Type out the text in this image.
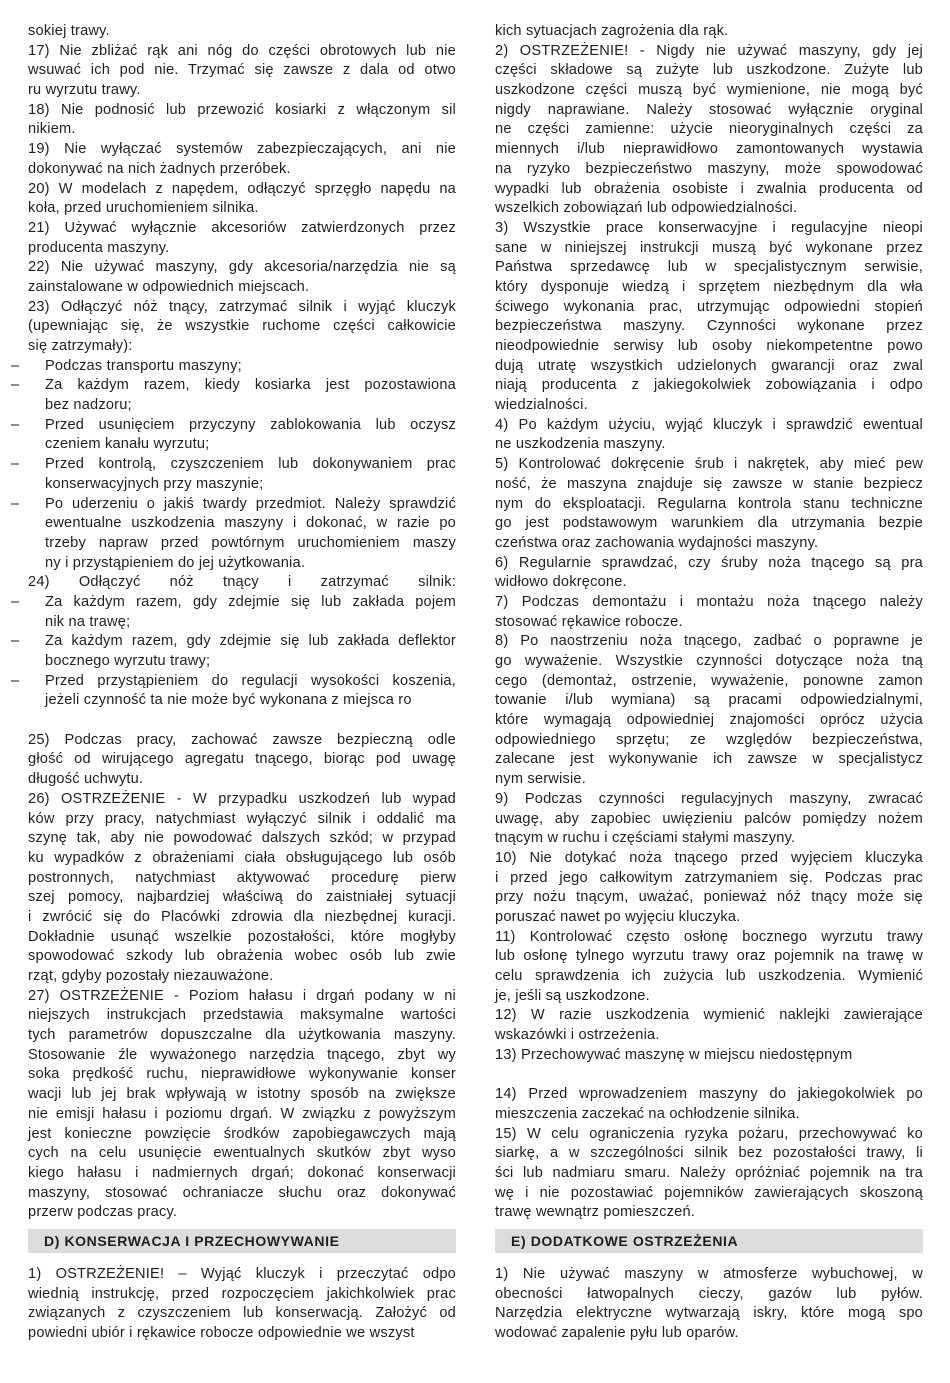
sokiej trawy.
17) Nie zbliżać rąk ani nóg do części obrotowych lub nie
wsuwać ich pod nie. Trzymać się zawsze z dala od otwo
ru wyrzutu trawy.
18) Nie podnosić lub przewozić kosiarki z włączonym sil
nikiem.
19) Nie wyłączać systemów zabezpieczających, ani nie
dokonywać na nich żadnych przeróbek.
20) W modelach z napędem, odłączyć sprzęgło napędu na
koła, przed uruchomieniem silnika.
21) Używać wyłącznie akcesoriów zatwierdzonych przez
producenta maszyny.
22) Nie używać maszyny, gdy akcesoria/narzędzia nie są
zainstalowane w odpowiednich miejscach.
23) Odłączyć nóż tnący, zatrzymać silnik i wyjąć kluczyk
(upewniając się, że wszystkie ruchome części całkowicie
się zatrzymały):
– Podczas transportu maszyny;
– Za każdym razem, kiedy kosiarka jest pozostawiona
bez nadzoru;
– Przed usunięciem przyczyny zablokowania lub oczysz
czeniem kanału wyrzutu;
– Przed kontrolą, czyszczeniem lub dokonywaniem prac
konserwacyjnych przy maszynie;
– Po uderzeniu o jakiś twardy przedmiot. Należy sprawdzić
ewentualne uszkodzenia maszyny i dokonać, w razie po
trzeby napraw przed powtórnym uruchomieniem maszy
ny i przystąpieniem do jej użytkowania.
24) Odłączyć nóż tnący i zatrzymać silnik:
– Za każdym razem, gdy zdejmie się lub zakłada pojem
nik na trawę;
– Za każdym razem, gdy zdejmie się lub zakłada deflektor
bocznego wyrzutu trawy;
– Przed przystąpieniem do regulacji wysokości koszenia,
jeżeli czynność ta nie może być wykonana z miejsca ro
25) Podczas pracy, zachować zawsze bezpieczną odle
głość od wirującego agregatu tnącego, biorąc pod uwagę
długość uchwytu.
26) OSTRZEŻENIE - W przypadku uszkodzeń lub wypad
ków przy pracy, natychmiast wyłączyć silnik i oddalić ma
szynę tak, aby nie powodować dalszych szkód; w przypad
ku wypadków z obrażeniami ciała obsługującego lub osób
postronnych, natychmiast aktywować procedurę pierw
szej pomocy, najbardziej właściwą do zaistniałej sytuacji
i zwrócić się do Placówki zdrowia dla niezbędnej kuracji.
Dokładnie usunąć wszelkie pozostałości, które mogłyby
spowodować szkody lub obrażenia wobec osób lub zwie
rząt, gdyby pozostały niezauważone.
27) OSTRZEŻENIE - Poziom hałasu i drgań podany w ni
niejszych instrukcjach przedstawia maksymalne wartości
tych parametrów dopuszczalne dla użytkowania maszyny.
Stosowanie źle wyważonego narzędzia tnącego, zbyt wy
soka prędkość ruchu, nieprawidłowe wykonywanie konser
wacji lub jej brak wpływają w istotny sposób na zwiększe
nie emisji hałasu i poziomu drgań. W związku z powyższym
jest konieczne powzięcie środków zapobiegawczych mają
cych na celu usunięcie ewentualnych skutków zbyt wyso
kiego hałasu i nadmiernych drgań; dokonać konserwacji
maszyny, stosować ochraniacze słuchu oraz dokonywać
przerw podczas pracy.
D) KONSERWACJA I PRZECHOWYWANIE
1) OSTRZEŻENIE! – Wyjąć kluczyk i przeczytać odpo
wiednią instrukcję, przed rozpoczęciem jakichkolwiek prac
związanych z czyszczeniem lub konserwacją. Założyć od
powiedni ubiór i rękawice robocze odpowiednie we wszyst
kich sytuacjach zagrożenia dla rąk.
2) OSTRZEŻENIE! - Nigdy nie używać maszyny, gdy jej
części składowe są zużyte lub uszkodzone. Zużyte lub
uszkodzone części muszą być wymienione, nie mogą być
nigdy naprawiane. Należy stosować wyłącznie oryginal
ne części zamienne: użycie nieoryginalnych części za
miennych i/lub nieprawidłowo zamontowanych wystawia
na ryzyko bezpieczeństwo maszyny, może spowodować
wypadki lub obrażenia osobiste i zwalnia producenta od
wszelkich zobowiązań lub odpowiedzialności.
3) Wszystkie prace konserwacyjne i regulacyjne nieopi
sane w niniejszej instrukcji muszą być wykonane przez
Państwa sprzedawcę lub w specjalistycznym serwisie,
który dysponuje wiedzą i sprzętem niezbędnym dla wła
ściwego wykonania prac, utrzymując odpowiedni stopień
bezpieczeństwa maszyny. Czynności wykonane przez
nieodpowiednie serwisy lub osoby niekompetentne powo
dują utratę wszystkich udzielonych gwarancji oraz zwal
niają producenta z jakiegokolwiek zobowiązania i odpo
wiedzialności.
4) Po każdym użyciu, wyjąć kluczyk i sprawdzić ewentual
ne uszkodzenia maszyny.
5) Kontrolować dokręcenie śrub i nakrętek, aby mieć pew
ność, że maszyna znajduje się zawsze w stanie bezpiecz
nym do eksploatacji. Regularna kontrola stanu techniczne
go jest podstawowym warunkiem dla utrzymania bezpie
czeństwa oraz zachowania wydajności maszyny.
6) Regularnie sprawdzać, czy śruby noża tnącego są pra
widłowo dokręcone.
7) Podczas demontażu i montażu noża tnącego należy
stosować rękawice robocze.
8) Po naostrzeniu noża tnącego, zadbać o poprawne je
go wyważenie. Wszystkie czynności dotyczące noża tną
cego (demontaż, ostrzenie, wyważenie, ponowne zamon
towanie i/lub wymiana) są pracami odpowiedzialnymi,
które wymagają odpowiedniej znajomości oprócz użycia
odpowiedniego sprzętu; ze względów bezpieczeństwa,
zalecane jest wykonywanie ich zawsze w specjalistycz
nym serwisie.
9) Podczas czynności regulacyjnych maszyny, zwracać
uwagę, aby zapobiec uwięzieniu palców pomiędzy nożem
tnącym w ruchu i częściami stałymi maszyny.
10) Nie dotykać noża tnącego przed wyjęciem kluczyka
i przed jego całkowitym zatrzymaniem się. Podczas prac
przy nożu tnącym, uważać, ponieważ nóż tnący może się
poruszać nawet po wyjęciu kluczyka.
11) Kontrolować często osłonę bocznego wyrzutu trawy
lub osłonę tylnego wyrzutu trawy oraz pojemnik na trawę w
celu sprawdzenia ich zużycia lub uszkodzenia. Wymienić
je, jeśli są uszkodzone.
12) W razie uszkodzenia wymienić naklejki zawierające
wskazówki i ostrzeżenia.
13) Przechowywać maszynę w miejscu niedostępnym
14) Przed wprowadzeniem maszyny do jakiegokolwiek po
mieszczenia zaczekać na ochłodzenie silnika.
15) W celu ograniczenia ryzyka pożaru, przechowywać ko
siarkę, a w szczególności silnik bez pozostałości trawy, li
ści lub nadmiaru smaru. Należy opróżniać pojemnik na tra
wę i nie pozostawiać pojemników zawierających skoszoną
trawę wewnątrz pomieszczeń.
E) DODATKOWE OSTRZEŻENIA
1) Nie używać maszyny w atmosferze wybuchowej, w
obecności łatwopalnych cieczy, gazów lub pyłów.
Narzędzia elektryczne wytwarzają iskry, które mogą spo
wodować zapalenie pyłu lub oparów.
